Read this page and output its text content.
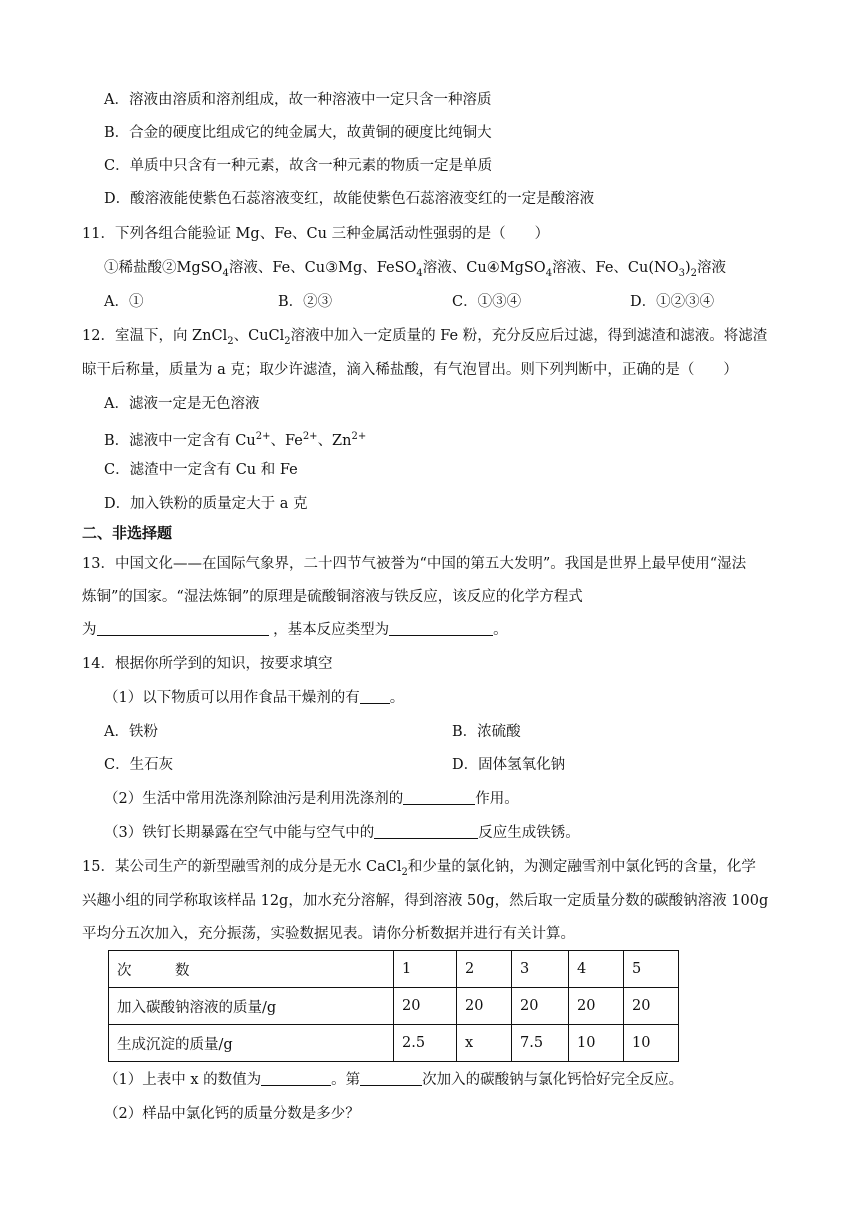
A．溶液由溶质和溶剂组成，故一种溶液中一定只含一种溶质
B．合金的硬度比组成它的纯金属大，故黄铜的硬度比纯铜大
C．单质中只含有一种元素，故含一种元素的物质一定是单质
D．酸溶液能使紫色石蕊溶液变红，故能使紫色石蕊溶液变红的一定是酸溶液
11．下列各组合能验证 Mg、Fe、Cu 三种金属活动性强弱的是（　　）
①稀盐酸②MgSO$_4$溶液、Fe、Cu③Mg、FeSO$_4$溶液、Cu④MgSO$_4$溶液、Fe、$Cu(NO_3)_2$溶液
A．①	B．②③	C．①③④	D．①②③④
12．室温下，向 ZnCl$_2$、CuCl$_2$溶液中加入一定质量的 Fe 粉，充分反应后过滤，得到滤渣和滤液。将滤渣
晾干后称量，质量为 a 克；取少许滤渣，滴入稀盐酸，有气泡冒出。则下列判断中，正确的是（　　）
A．滤液一定是无色溶液
B．滤液中一定含有 $Cu^{2+}$、$Fe^{2+}$、$Zn^{2+}$
C．滤渣中一定含有 Cu 和 Fe
D．加入铁粉的质量定大于 a 克
二、非选择题
13．中国文化——在国际气象界，二十四节气被誉为“中国的第五大发明”。我国是世界上最早使用“湿法
炼铜”的国家。“湿法炼铜”的原理是硫酸铜溶液与铁反应，该反应的化学方程式
为	，基本反应类型为	。
14．根据你所学到的知识，按要求填空
（1）以下物质可以用作食品干燥剂的有 。
A．铁粉	B．浓硫酸
C．生石灰	D．固体氢氧化钠
（2）生活中常用洗涤剂除油污是利用洗涤剂的	作用。
（3）铁钉长期暴露在空气中能与空气中的	反应生成铁锈。
15．某公司生产的新型融雪剂的成分是无水 CaCl$_2$和少量的氯化钠，为测定融雪剂中氯化钙的含量，化学
兴趣小组的同学称取该样品 12g，加水充分溶解，得到溶液 50g，然后取一定质量分数的碳酸钠溶液 100g
平均分五次加入，充分振荡，实验数据见表。请你分析数据并进行有关计算。
次　　　数	1	2	3	4	5
加入碳酸钠溶液的质量/g	20	20	20	20	20
生成沉淀的质量/g	2.5	x	7.5	10	10
（1）上表中 x 的数值为	。第	次加入的碳酸钠与氯化钙恰好完全反应。
（2）样品中氯化钙的质量分数是多少？
